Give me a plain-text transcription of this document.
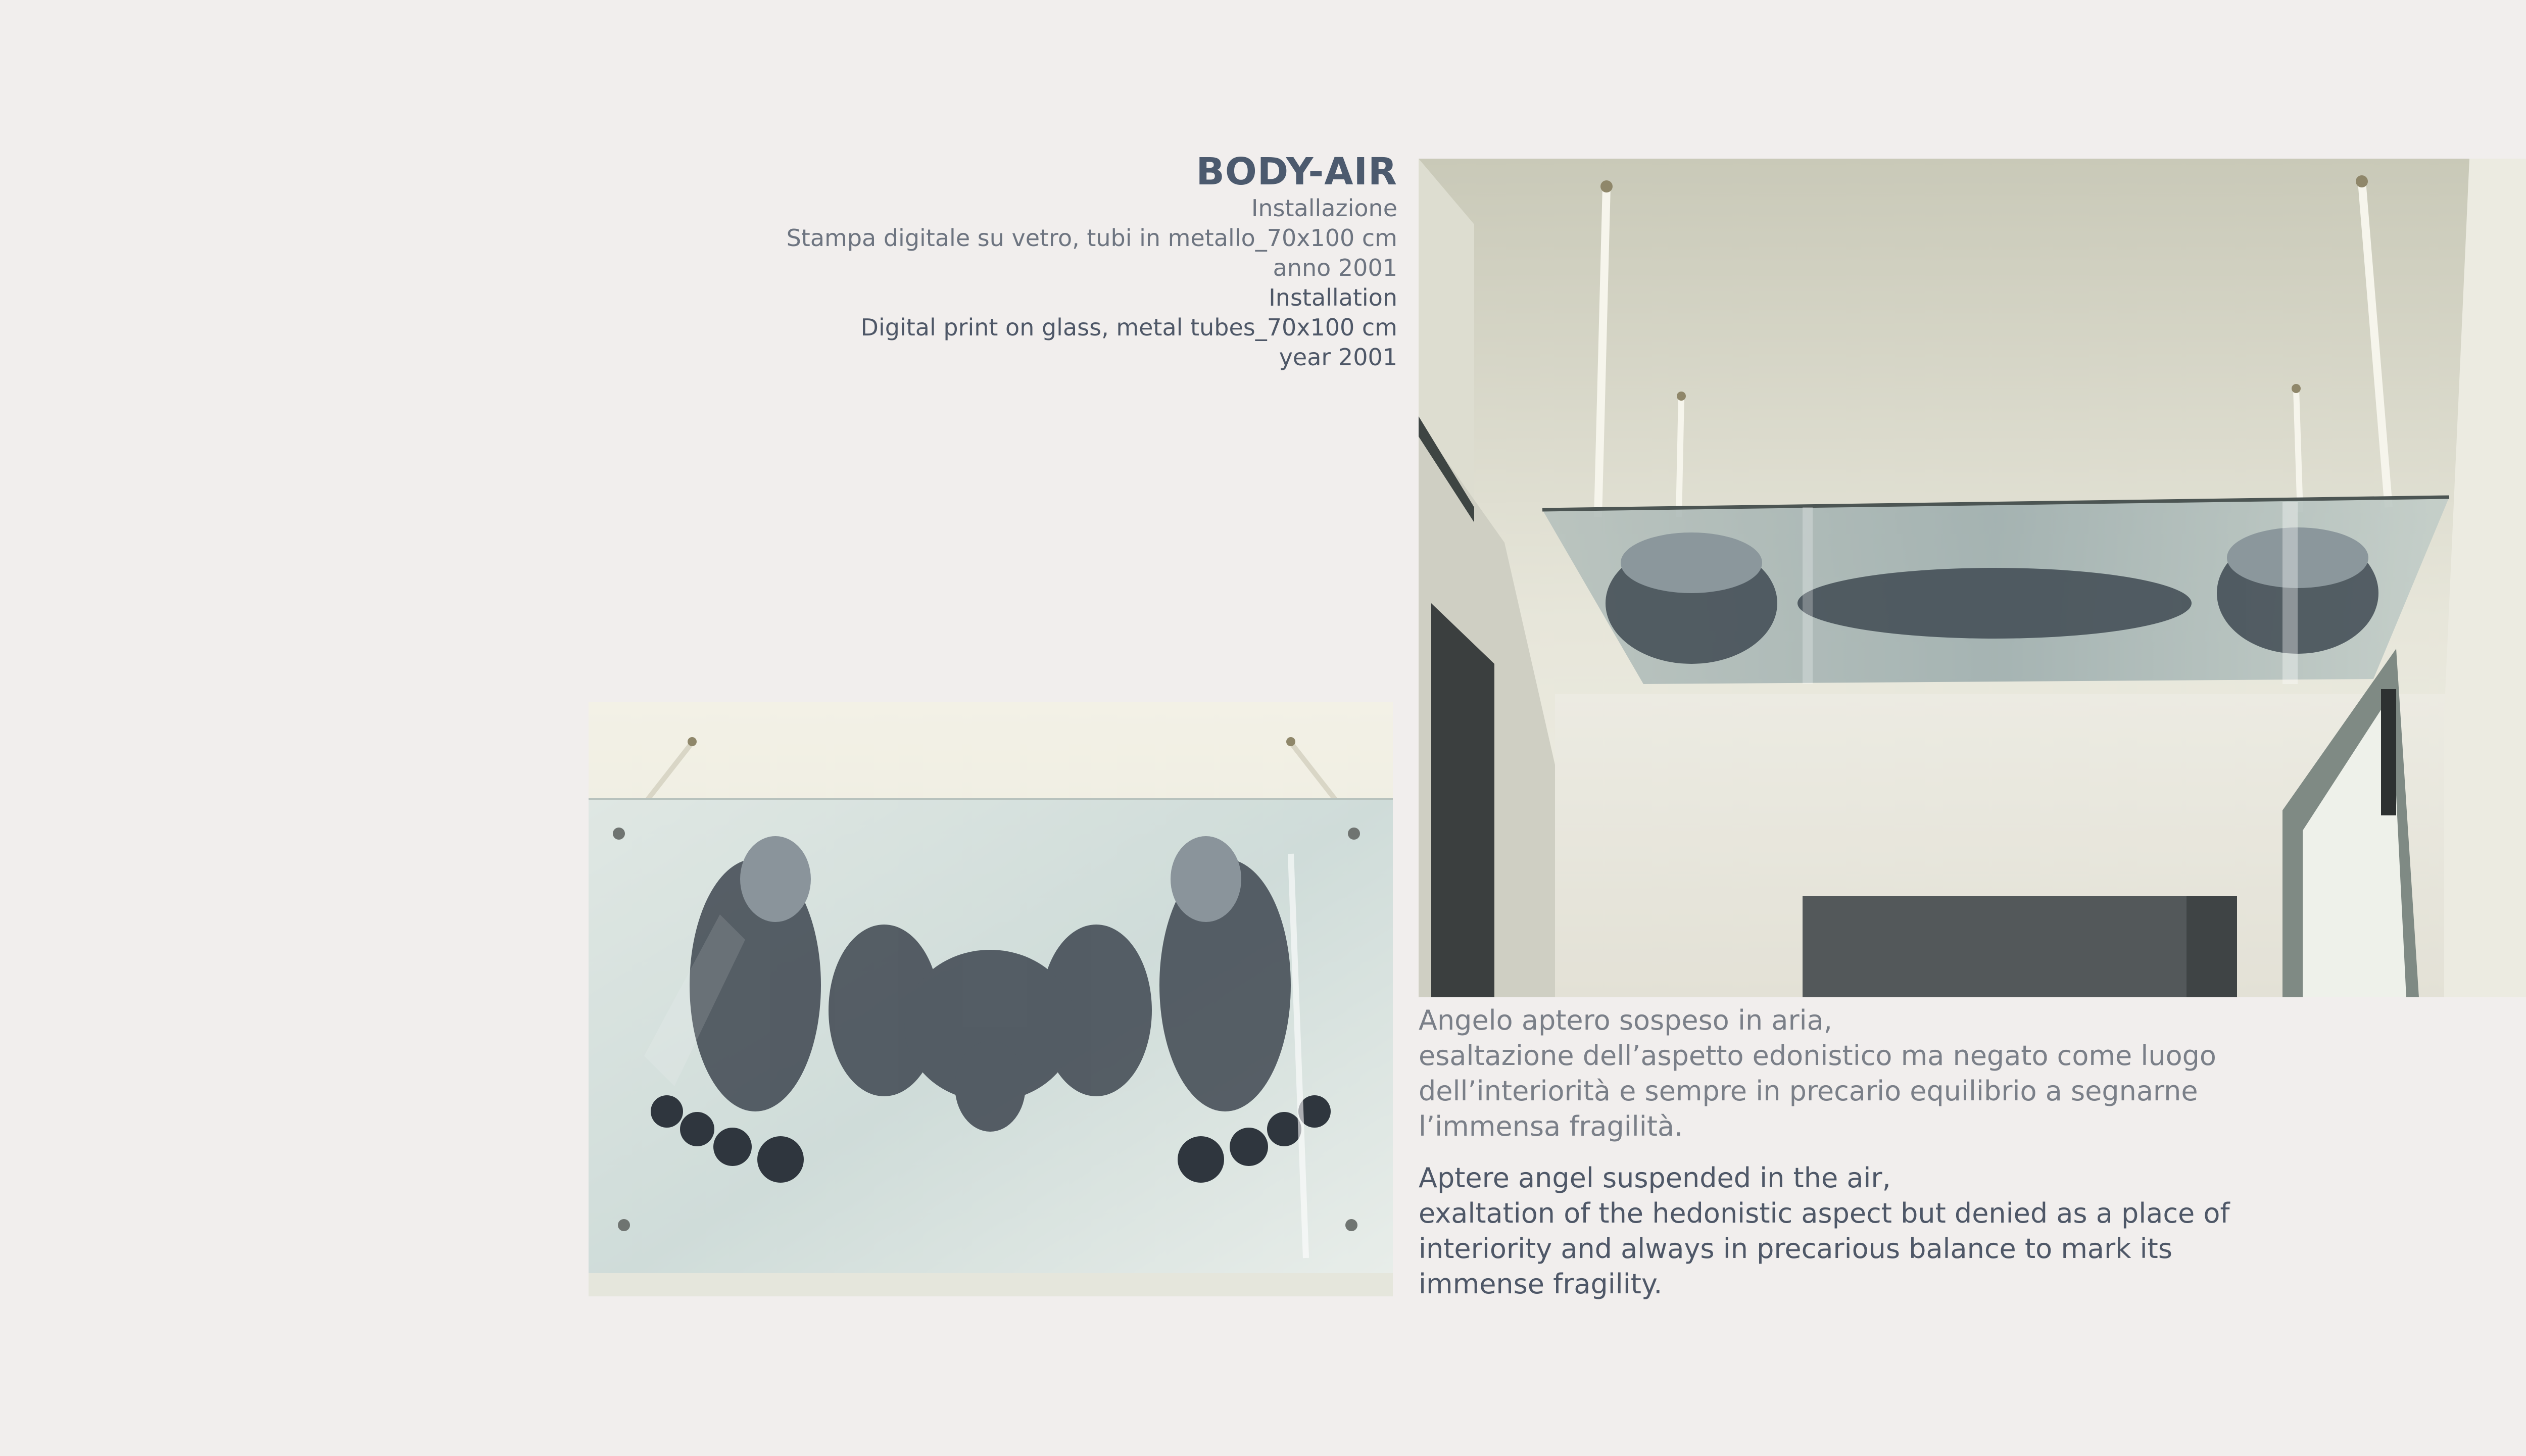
BODY-AIR
Installazione
Stampa digitale su vetro, tubi in metallo_70x100 cm
anno 2001
Installation
Digital print on glass, metal tubes_70x100 cm
year 2001

Angelo aptero sospeso in aria,

esaltazione dell’aspetto edonistico ma negato come luogo

dell’interiorità e sempre in precario equilibrio a segnarne

l’immensa fragilità.

Aptere angel suspended in the air,

exaltation of the hedonistic aspect but denied as a place of

interiority and always in precarious balance to mark its

immense fragility.
